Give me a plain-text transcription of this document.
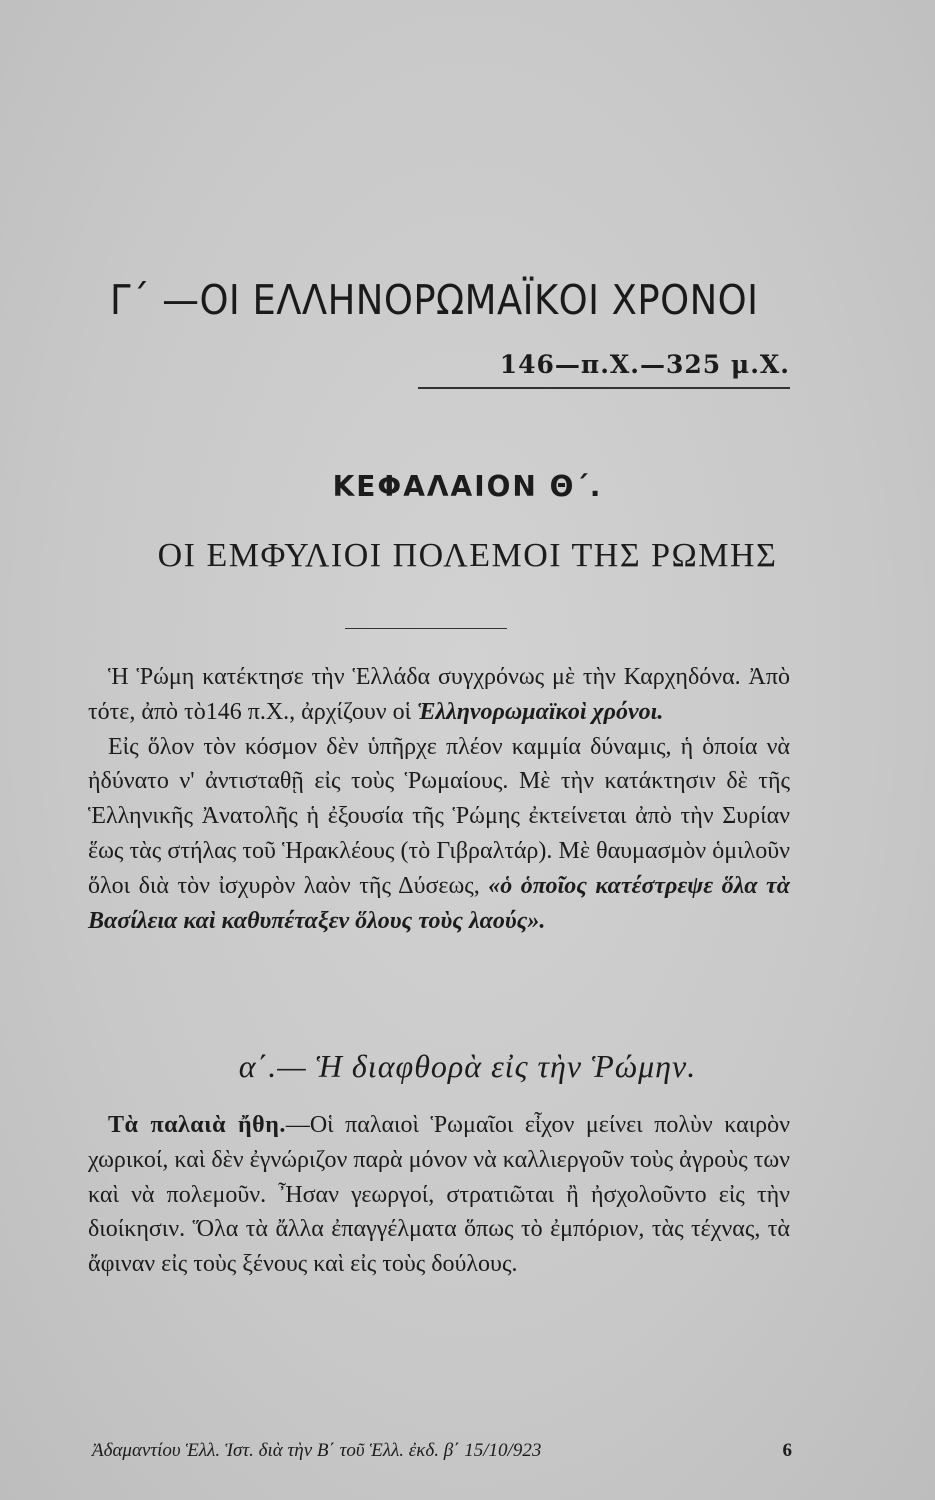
Γ΄ —ΟΙ ΕΛΛΗΝΟΡΩΜΑΪΚΟΙ ΧΡΟΝΟΙ
146—π.Χ.—325 μ.Χ.
ΚΕΦΑΛΑΙΟΝ Θ΄.
ΟΙ ΕΜΦΥΛΙΟΙ ΠΟΛΕΜΟΙ ΤΗΣ ΡΩΜΗΣ

Ἡ Ῥώμη κατέκτησε τὴν Ἑλλάδα συγχρόνως μὲ τὴν Καρχηδόνα. Ἀπὸ τότε, ἀπὸ τὸ146 π.Χ., ἀρχίζουν οἱ Ἑλληνορωμαϊκοὶ χρόνοι.

Εἰς ὅλον τὸν κόσμον δὲν ὑπῆρχε πλέον καμμία δύναμις, ἡ ὁποία νὰ ἠδύνατο ν' ἀντισταθῇ εἰς τοὺς Ῥωμαίους. Μὲ τὴν κατάκτησιν δὲ τῆς Ἑλληνικῆς Ἀνατολῆς ἡ ἐξουσία τῆς Ῥώμης ἐκτείνεται ἀπὸ τὴν Συρίαν ἕως τὰς στήλας τοῦ Ἡρακλέους (τὸ Γιβραλτάρ). Μὲ θαυμασμὸν ὁμιλοῦν ὅλοι διὰ τὸν ἰσχυρὸν λαὸν τῆς Δύσεως, «ὁ ὁποῖος κατέστρεψε ὅλα τὰ Βασίλεια καὶ καθυπέταξεν ὅλους τοὺς λαούς».

α΄.— Ἡ διαφθορὰ εἰς τὴν Ῥώμην.

Τὰ παλαιὰ ἤθη.—Οἱ παλαιοὶ Ῥωμαῖοι εἶχον μείνει πολὺν καιρὸν χωρικοί, καὶ δὲν ἐγνώριζον παρὰ μόνον νὰ καλλιεργοῦν τοὺς ἀγροὺς των καὶ νὰ πολεμοῦν. Ἦσαν γεωργοί, στρατιῶται ἢ ἠσχολοῦντο εἰς τὴν διοίκησιν. Ὅλα τὰ ἄλλα ἐπαγγέλματα ὅπως τὸ ἐμπόριον, τὰς τέχνας, τὰ ἄφιναν εἰς τοὺς ξένους καὶ εἰς τοὺς δούλους.

Ἀδαμαντίου Ἑλλ. Ἱστ. διὰ τὴν Β΄ τοῦ Ἑλλ. ἐκδ. β΄ 15/10/923	6
